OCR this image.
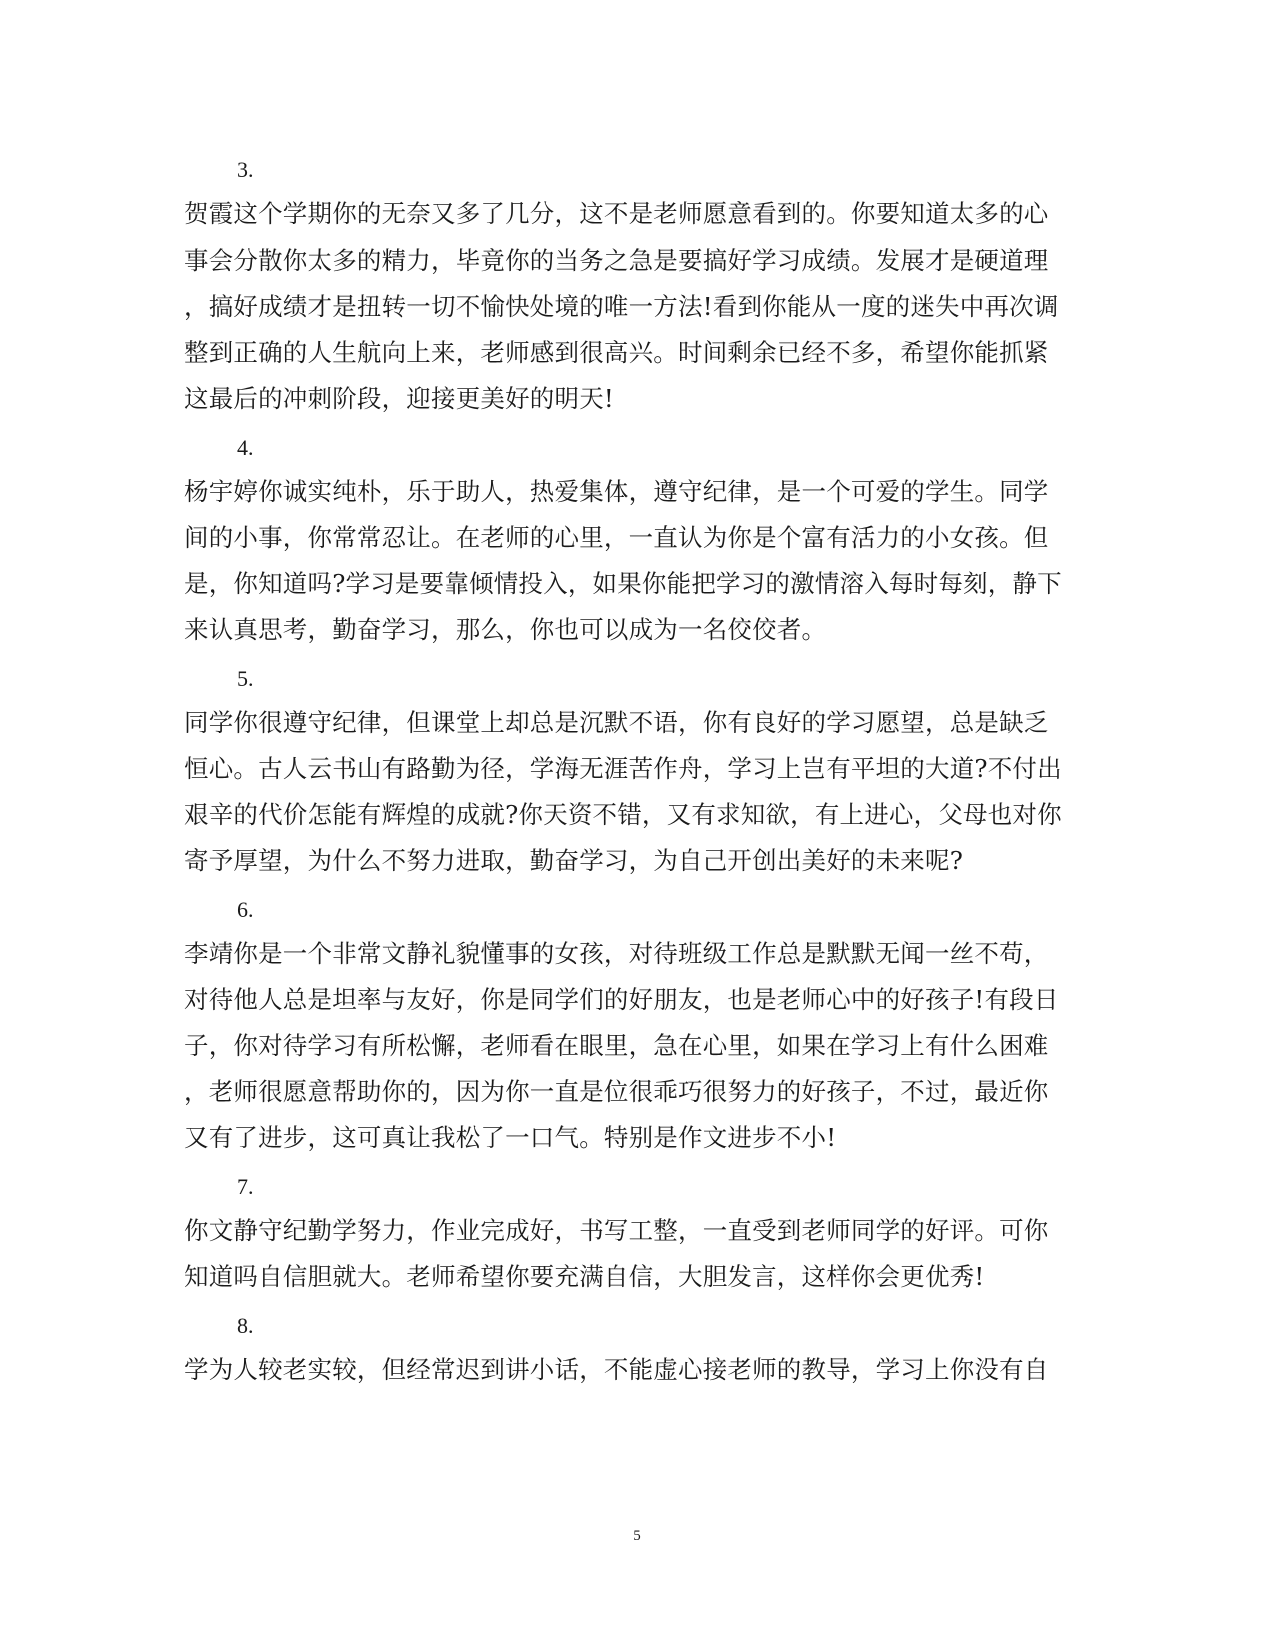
3.
贺霞这个学期你的无奈又多了几分，这不是老师愿意看到的。你要知道太多的心
事会分散你太多的精力，毕竟你的当务之急是要搞好学习成绩。发展才是硬道理
，搞好成绩才是扭转一切不愉快处境的唯一方法!看到你能从一度的迷失中再次调
整到正确的人生航向上来，老师感到很高兴。时间剩余已经不多，希望你能抓紧
这最后的冲刺阶段，迎接更美好的明天!
4.
杨宇婷你诚实纯朴，乐于助人，热爱集体，遵守纪律，是一个可爱的学生。同学
间的小事，你常常忍让。在老师的心里，一直认为你是个富有活力的小女孩。但
是，你知道吗?学习是要靠倾情投入，如果你能把学习的激情溶入每时每刻，静下
来认真思考，勤奋学习，那么，你也可以成为一名佼佼者。
5.
同学你很遵守纪律，但课堂上却总是沉默不语，你有良好的学习愿望，总是缺乏
恒心。古人云书山有路勤为径，学海无涯苦作舟，学习上岂有平坦的大道?不付出
艰辛的代价怎能有辉煌的成就?你天资不错，又有求知欲，有上进心，父母也对你
寄予厚望，为什么不努力进取，勤奋学习，为自己开创出美好的未来呢?
6.
李靖你是一个非常文静礼貌懂事的女孩，对待班级工作总是默默无闻一丝不苟，
对待他人总是坦率与友好，你是同学们的好朋友，也是老师心中的好孩子!有段日
子，你对待学习有所松懈，老师看在眼里，急在心里，如果在学习上有什么困难
，老师很愿意帮助你的，因为你一直是位很乖巧很努力的好孩子，不过，最近你
又有了进步，这可真让我松了一口气。特别是作文进步不小!
7.
你文静守纪勤学努力，作业完成好，书写工整，一直受到老师同学的好评。可你
知道吗自信胆就大。老师希望你要充满自信，大胆发言，这样你会更优秀!
8.
学为人较老实较，但经常迟到讲小话，不能虚心接老师的教导，学习上你没有自
5
